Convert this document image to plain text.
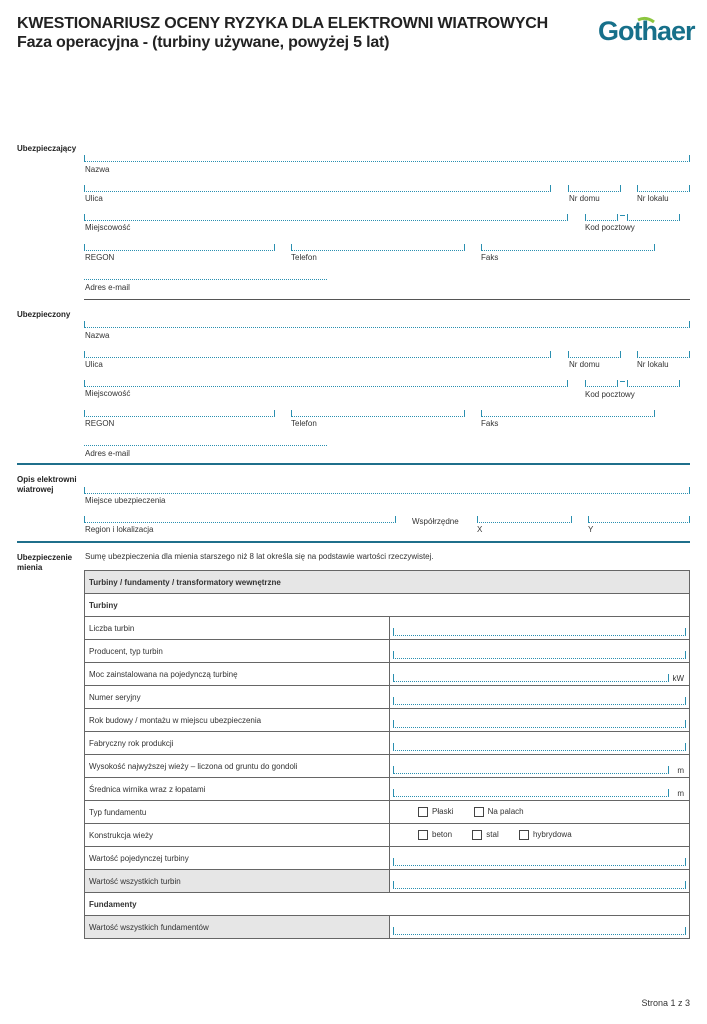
KWESTIONARIUSZ OCENY RYZYKA DLA ELEKTROWNI WIATROWYCH
Faza operacyjna - (turbiny używane, powyżej 5 lat)	Gothaer
Ubezpieczający
Nazwa
Ulica	Nr domu	Nr lokalu
Miejscowość	Kod pocztowy
REGON	Telefon	Faks
Adres e-mail
Ubezpieczony
Nazwa
Ulica	Nr domu	Nr lokalu
Miejscowość	Kod pocztowy
REGON	Telefon	Faks
Adres e-mail
Opis elektrowni
wiatrowej
Miejsce ubezpieczenia
Współrzędne
Region i lokalizacja	X	Y
Ubezpieczenie
mienia
Sumę ubezpieczenia dla mienia starszego niż 8 lat określa się na podstawie wartości rzeczywistej.
Turbiny / fundamenty / transformatory wewnętrzne	
Turbiny	
Liczba turbin	

Producent, typ turbin	

Moc zainstalowana na pojedynczą turbinę	kW

Numer seryjny	

Rok budowy / montażu w miejscu ubezpieczenia	

Fabryczny rok produkcji	

Wysokość najwyższej wieży – liczona od gruntu do gondoli	m

Średnica wirnika wraz z łopatami	m

Typ fundamentu	Płaski Na palach
Konstrukcja wieży	beton stal hybrydowa
Wartość pojedynczej turbiny	

Wartość wszystkich turbin	

Fundamenty	
Wartość wszystkich fundamentów	
Strona 1 z 3
